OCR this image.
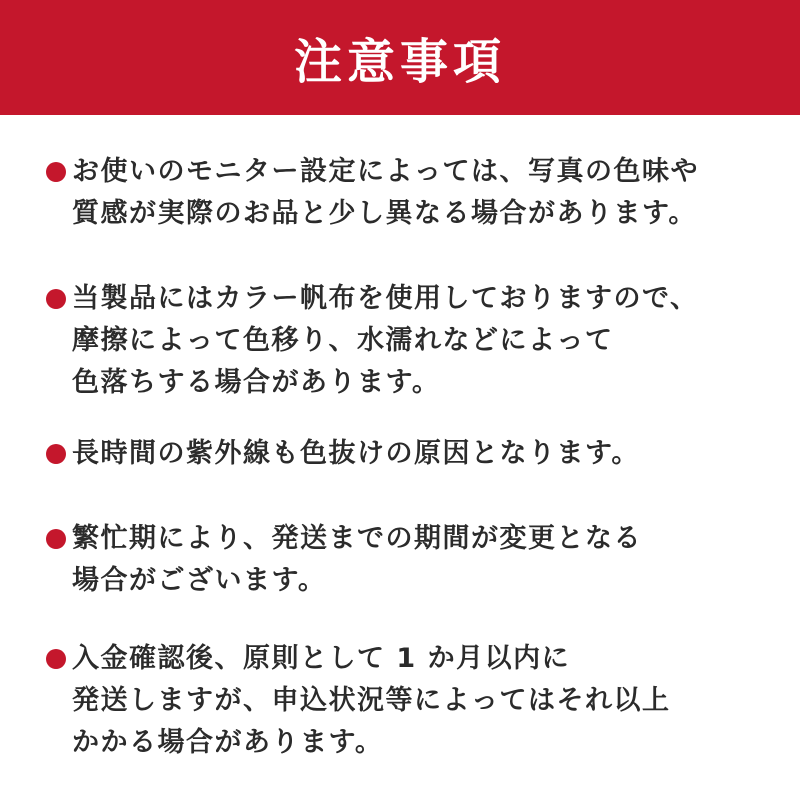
注意事項
お使いのモニター設定によっては、写真の色味や
質感が実際のお品と少し異なる場合があります。
当製品にはカラー帆布を使用しておりますので、
摩擦によって色移り、水濡れなどによって
色落ちする場合があります。
長時間の紫外線も色抜けの原因となります。
繁忙期により、発送までの期間が変更となる
場合がございます。
入金確認後、原則として 1 か月以内に
発送しますが、申込状況等によってはそれ以上
かかる場合があります。
